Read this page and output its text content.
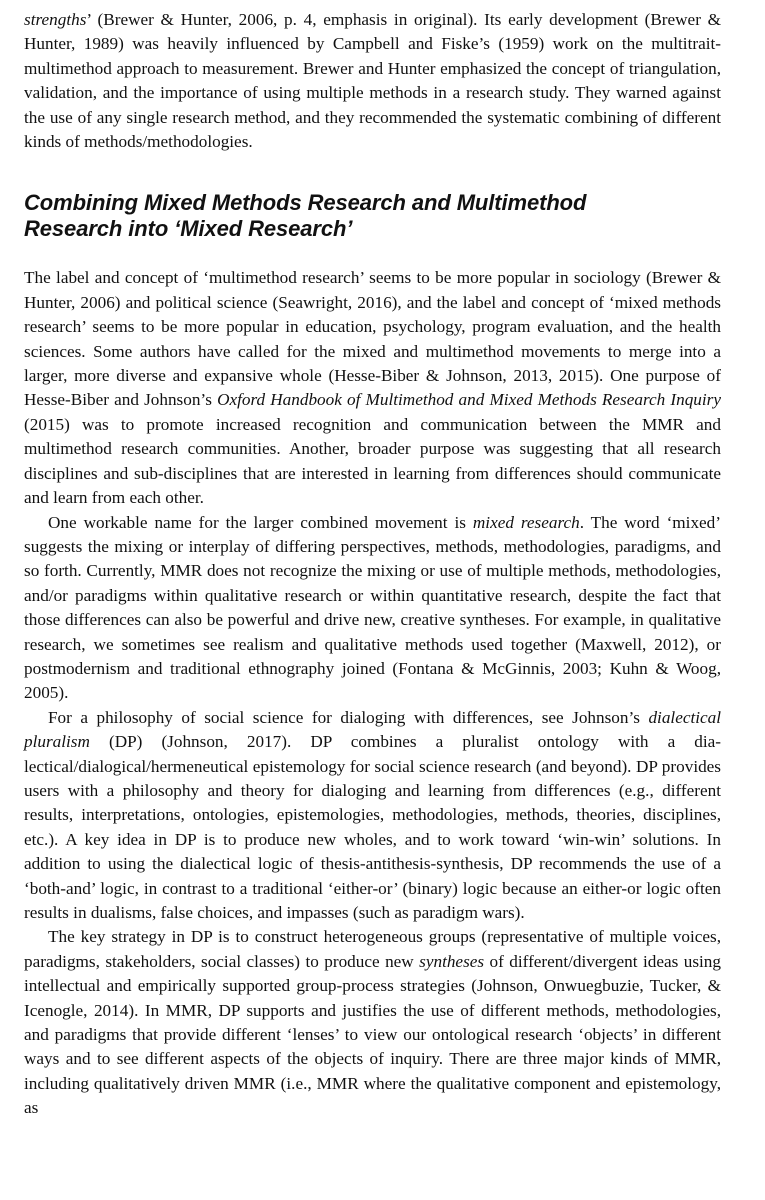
strengths’ (Brewer & Hunter, 2006, p. 4, emphasis in original). Its early development (Brewer & Hunter, 1989) was heavily influenced by Campbell and Fiske’s (1959) work on the multitrait-multimethod approach to measurement. Brewer and Hunter emphasized the concept of triangulation, validation, and the importance of using multiple methods in a research study. They warned against the use of any single research method, and they recommended the systematic combining of different kinds of methods/methodologies.

Combining Mixed Methods Research and Multimethod
Research into ‘Mixed Research’

The label and concept of ‘multimethod research’ seems to be more popular in sociology (Brewer & Hunter, 2006) and political science (Seawright, 2016), and the label and concept of ‘mixed methods research’ seems to be more popular in education, psychology, program evaluation, and the health sciences. Some authors have called for the mixed and multimethod movements to merge into a larger, more diverse and expansive whole (Hesse-Biber & Johnson, 2013, 2015). One purpose of Hesse-Biber and Johnson’s Oxford Handbook of Multimethod and Mixed Methods Research Inquiry (2015) was to promote increased recognition and communication between the MMR and multimethod research communities. Another, broader purpose was suggesting that all research disciplines and sub-disciplines that are interested in learning from differences should communicate and learn from each other.

One workable name for the larger combined movement is mixed research. The word ‘mixed’ suggests the mixing or interplay of differing perspectives, methods, methodologies, paradigms, and so forth. Currently, MMR does not recognize the mixing or use of multiple methods, methodologies, and/or paradigms within qualitative research or within quantitative research, despite the fact that those differences can also be powerful and drive new, creative syntheses. For example, in qualitative research, we sometimes see realism and qualitative methods used together (Maxwell, 2012), or postmodernism and traditional ethnography joined (Fontana & McGinnis, 2003; Kuhn & Woog, 2005).

For a philosophy of social science for dialoging with differences, see Johnson’s dialectical pluralism (DP) (Johnson, 2017). DP combines a pluralist ontology with a dialectical/dialogical/hermeneutical epistemology for social science research (and beyond). DP provides users with a philosophy and theory for dialoging and learning from differences (e.g., different results, interpretations, ontologies, epistemologies, methodologies, methods, theories, disciplines, etc.). A key idea in DP is to produce new wholes, and to work toward ‘win-win’ solutions. In addition to using the dialectical logic of thesis-antithesis-synthesis, DP recommends the use of a ‘both-and’ logic, in contrast to a traditional ‘either-or’ (binary) logic because an either-or logic often results in dualisms, false choices, and impasses (such as paradigm wars).

The key strategy in DP is to construct heterogeneous groups (representative of multiple voices, paradigms, stakeholders, social classes) to produce new syntheses of different/divergent ideas using intellectual and empirically supported group-process strategies (Johnson, Onwuegbuzie, Tucker, & Icenogle, 2014). In MMR, DP supports and justifies the use of different methods, methodologies, and paradigms that provide different ‘lenses’ to view our ontological research ‘objects’ in different ways and to see different aspects of the objects of inquiry. There are three major kinds of MMR, including qualitatively driven MMR (i.e., MMR where the qualitative component and epistemology, as
